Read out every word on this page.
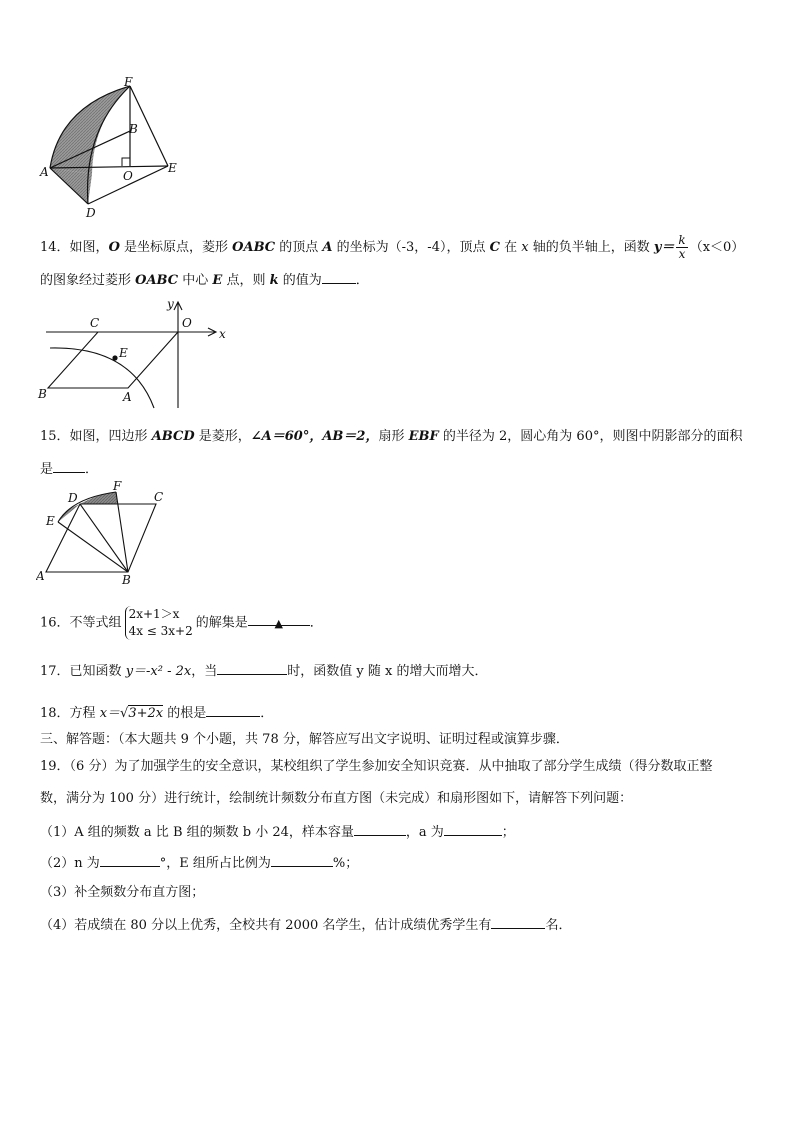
F
B
A	O
E
D
14．如图，O 是坐标原点，菱形 OABC 的顶点 A 的坐标为（-3，-4），顶点 C 在 x 轴的负半轴上，函数 $y= \frac{k}{x} (x<0)$
的图象经过菱形 OABC 中心 E 点，则 k 的值为	．
y
C	O
x
E
B	A
15．如图，四边形 ABCD 是菱形，∠A＝60°，AB＝2，扇形 EBF 的半径为 2，圆心角为 60°，则图中阴影部分的面积
是 ．
D
F
C
E
A	B
16．不等式组
2x+1＞x
4x ≤ 3x+2
的解集是 ▲ ．
17．已知函数 y＝-x² - 2x，当	时，函数值 y 随 x 的增大而增大．
18．方程 x＝√3+2x 的根是	．
三、解答题：（本大题共 9 个小题，共 78 分，解答应写出文字说明、证明过程或演算步骤．
19．（6 分）为了加强学生的安全意识，某校组织了学生参加安全知识竞赛．从中抽取了部分学生成绩（得分数取正整
数，满分为 100 分）进行统计，绘制统计频数分布直方图（未完成）和扇形图如下，请解答下列问题：
（1）A 组的频数 a 比 B 组的频数 b 小 24，样本容量	，a 为	；
（2）n 为	°，E 组所占比例为	%；
（3）补全频数分布直方图；
（4）若成绩在 80 分以上优秀，全校共有 2000 名学生，估计成绩优秀学生有	名．
